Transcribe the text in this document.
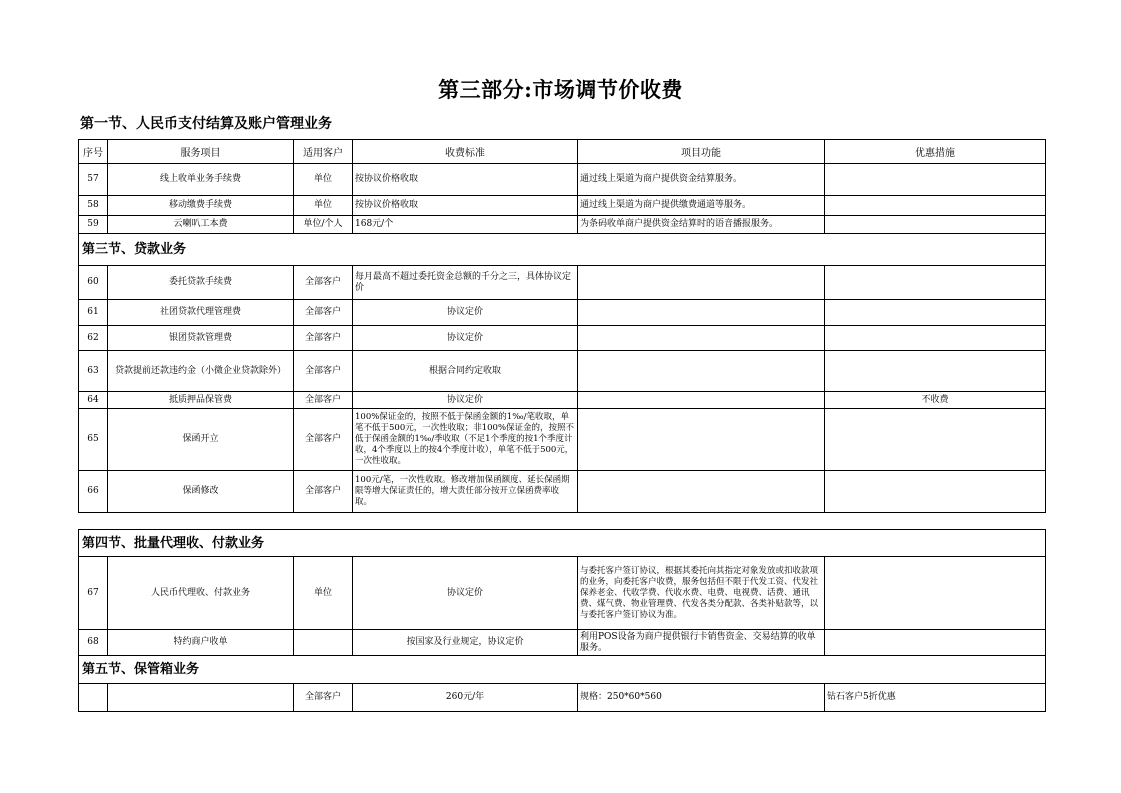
第三部分:市场调节价收费
第一节、人民币支付结算及账户管理业务
序号	服务项目	适用客户	收费标准	项目功能	优惠措施
57	线上收单业务手续费	单位	按协议价格收取	通过线上渠道为商户提供资金结算服务。	
58	移动缴费手续费	单位	按协议价格收取	通过线上渠道为商户提供缴费通道等服务。	
59	云喇叭工本费	单位/个人	168元/个	为条码收单商户提供资金结算时的语音播报服务。	
第三节、贷款业务					
60	委托贷款手续费	全部客户	每月最高不超过委托资金总额的千分之三，具体协议定价		
61	社团贷款代理管理费	全部客户	协议定价		
62	银团贷款管理费	全部客户	协议定价		
63	贷款提前还款违约金（小微企业贷款除外）	全部客户	根据合同约定收取		
64	抵质押品保管费	全部客户	协议定价		不收费
65	保函开立	全部客户	100%保证金的，按照不低于保函金额的1‰/笔收取，单笔不低于500元，一次性收取；非100%保证金的，按照不低于保函金额的1‰/季收取（不足1个季度的按1个季度计收，4个季度以上的按4个季度计收），单笔不低于500元，一次性收取。		
66	保函修改	全部客户	100元/笔，一次性收取。修改增加保函额度、延长保函期限等增大保证责任的，增大责任部分按开立保函费率收取。		
第四节、批量代理收、付款业务					
67	人民币代理收、付款业务	单位	协议定价	与委托客户签订协议，根据其委托向其指定对象发放或扣收款项的业务，向委托客户收费，服务包括但不限于代发工资、代发社保养老金、代收学费、代收水费、电费、电视费、话费、通讯费、煤气费、物业管理费、代发各类分配款、各类补贴款等，以与委托客户签订协议为准。	
68	特约商户收单		按国家及行业规定，协议定价	利用POS设备为商户提供银行卡销售资金、交易结算的收单服务。	
第五节、保管箱业务					
		全部客户	260元/年	规格：250*60*560	钻石客户5折优惠
